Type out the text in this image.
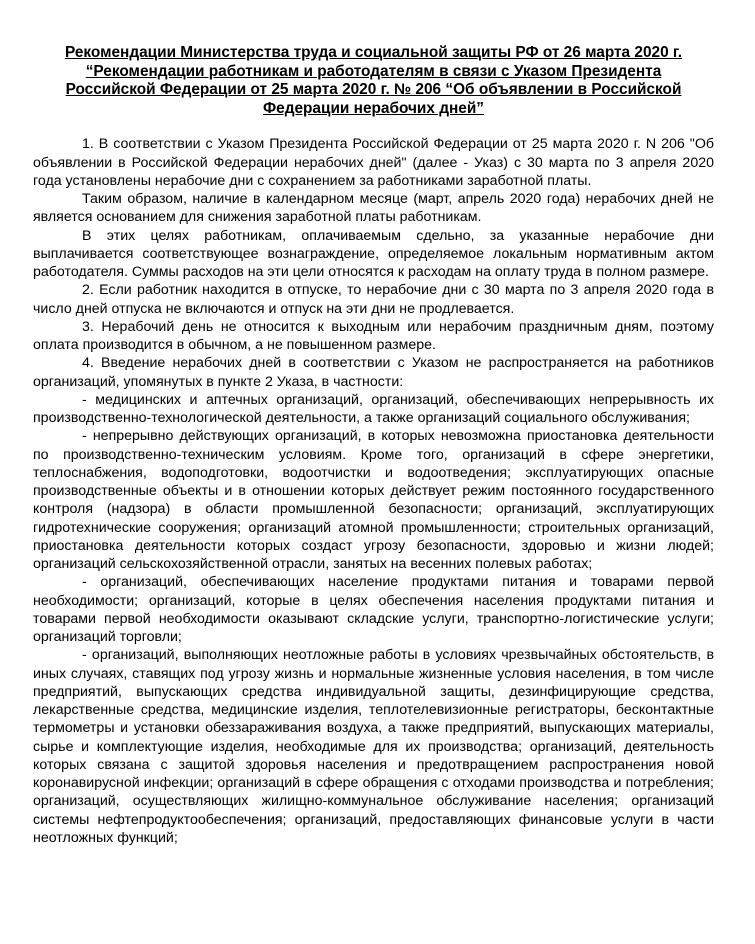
Рекомендации Министерства труда и социальной защиты РФ от 26 марта 2020 г.
“Рекомендации работникам и работодателям в связи с Указом Президента
Российской Федерации от 25 марта 2020 г. № 206 “Об объявлении в Российской
Федерации нерабочих дней”

1. В соответствии с Указом Президента Российской Федерации от 25 марта 2020 г. N 206 "Об объявлении в Российской Федерации нерабочих дней" (далее - Указ) с 30 марта по 3 апреля 2020 года установлены нерабочие дни с сохранением за работниками заработной платы.

Таким образом, наличие в календарном месяце (март, апрель 2020 года) нерабочих дней не является основанием для снижения заработной платы работникам.

В этих целях работникам, оплачиваемым сдельно, за указанные нерабочие дни выплачивается соответствующее вознаграждение, определяемое локальным нормативным актом работодателя. Суммы расходов на эти цели относятся к расходам на оплату труда в полном размере.

2. Если работник находится в отпуске, то нерабочие дни с 30 марта по 3 апреля 2020 года в число дней отпуска не включаются и отпуск на эти дни не продлевается.

3. Нерабочий день не относится к выходным или нерабочим праздничным дням, поэтому оплата производится в обычном, а не повышенном размере.

4. Введение нерабочих дней в соответствии с Указом не распространяется на работников организаций, упомянутых в пункте 2 Указа, в частности:

- медицинских и аптечных организаций, организаций, обеспечивающих непрерывность их производственно-технологической деятельности, а также организаций социального обслуживания;

- непрерывно действующих организаций, в которых невозможна приостановка деятельности по производственно-техническим условиям. Кроме того, организаций в сфере энергетики, теплоснабжения, водоподготовки, водоотчистки и водоотведения; эксплуатирующих опасные производственные объекты и в отношении которых действует режим постоянного государственного контроля (надзора) в области промышленной безопасности; организаций, эксплуатирующих гидротехнические сооружения; организаций атомной промышленности; строительных организаций, приостановка деятельности которых создаст угрозу безопасности, здоровью и жизни людей; организаций сельскохозяйственной отрасли, занятых на весенних полевых работах;

- организаций, обеспечивающих население продуктами питания и товарами первой необходимости; организаций, которые в целях обеспечения населения продуктами питания и товарами первой необходимости оказывают складские услуги, транспортно-логистические услуги; организаций торговли;

- организаций, выполняющих неотложные работы в условиях чрезвычайных обстоятельств, в иных случаях, ставящих под угрозу жизнь и нормальные жизненные условия населения, в том числе предприятий, выпускающих средства индивидуальной защиты, дезинфицирующие средства, лекарственные средства, медицинские изделия, теплотелевизионные регистраторы, бесконтактные термометры и установки обеззараживания воздуха, а также предприятий, выпускающих материалы, сырье и комплектующие изделия, необходимые для их производства; организаций, деятельность которых связана с защитой здоровья населения и предотвращением распространения новой коронавирусной инфекции; организаций в сфере обращения с отходами производства и потребления; организаций, осуществляющих жилищно-коммунальное обслуживание населения; организаций системы нефтепродуктообеспечения; организаций, предоставляющих финансовые услуги в части неотложных функций;
